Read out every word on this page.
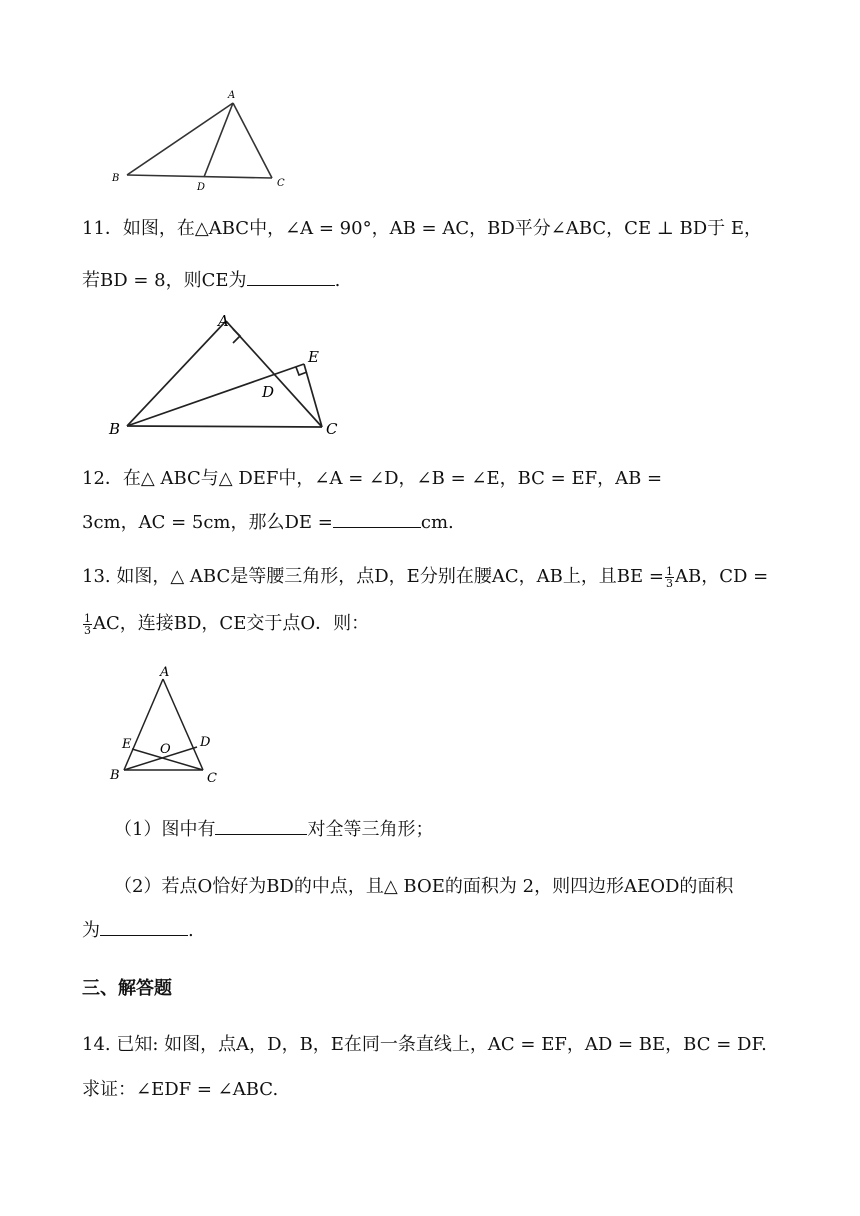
A
B
D	C
11．如图，在△ABC中，∠A = 90°，AB = AC，BD平分∠ABC，CE ⊥ BD于 E，
若BD = 8，则CE为	.
A
B	C
D
E
12．在△ ABC与△ DEF中，∠A = ∠D，∠B = ∠E，BC = EF，AB =
3cm，AC = 5cm，那么DE =	cm.
13. 如图，△ ABC是等腰三角形，点D，E分别在腰AC，AB上，且BE = $\frac{1}{3}$ AB，CD =
$\frac{1}{3}$ AC，连接BD，CE交于点O．则：
A
E O D
B	C
（1）图中有	对全等三角形；
（2）若点O恰好为BD的中点，且△ BOE的面积为 2，则四边形AEOD的面积
为	.
三、解答题
14. 已知: 如图，点A，D，B，E在同一条直线上，AC = EF，AD = BE，BC = DF.
求证：∠EDF = ∠ABC.
